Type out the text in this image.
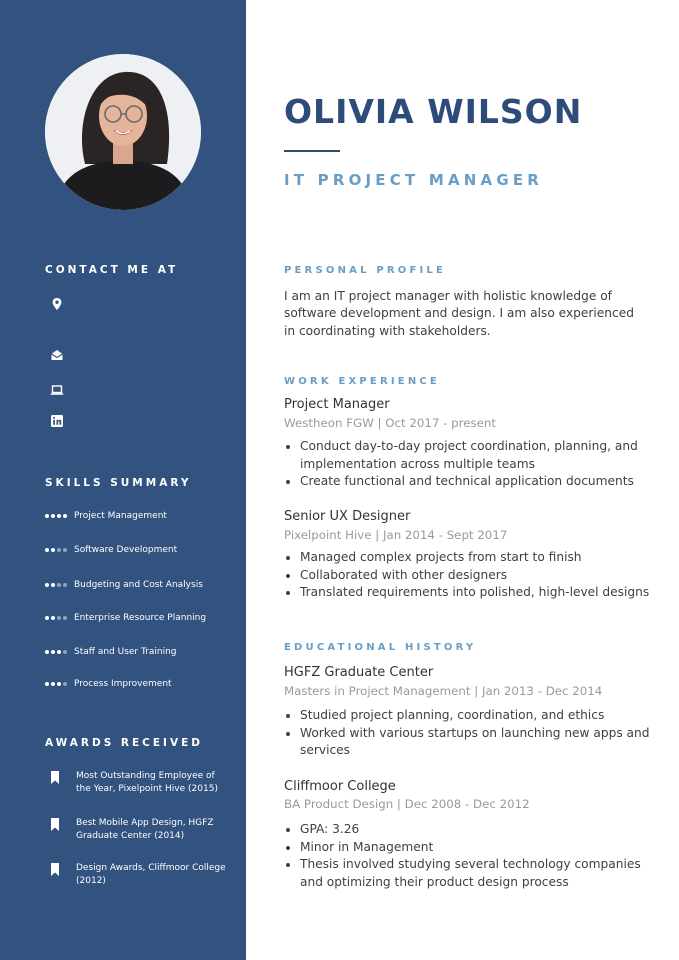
CONTACT ME AT
SKILLS SUMMARY
Project Management
Software Development
Budgeting and Cost Analysis
Enterprise Resource Planning
Staff and User Training
Process Improvement
AWARDS RECEIVED
Most Outstanding Employee of the Year, Pixelpoint Hive (2015)
Best Mobile App Design, HGFZ Graduate Center (2014)
Design Awards, Cliffmoor College (2012)
OLIVIA WILSON
IT PROJECT MANAGER
PERSONAL PROFILE

I am an IT project manager with holistic knowledge of software development and design. I am also experienced in coordinating with stakeholders.

WORK EXPERIENCE
Project Manager
Westheon FGW | Oct 2017 - present
Conduct day-to-day project coordination, planning, and implementation across multiple teams
Create functional and technical application documents
Senior UX Designer
Pixelpoint Hive | Jan 2014 - Sept 2017
Managed complex projects from start to finish
Collaborated with other designers
Translated requirements into polished, high-level designs
EDUCATIONAL HISTORY
HGFZ Graduate Center
Masters in Project Management | Jan 2013 - Dec 2014
Studied project planning, coordination, and ethics
Worked with various startups on launching new apps and services
Cliffmoor College
BA Product Design | Dec 2008 - Dec 2012
GPA: 3.26
Minor in Management
Thesis involved studying several technology companies and optimizing their product design process
